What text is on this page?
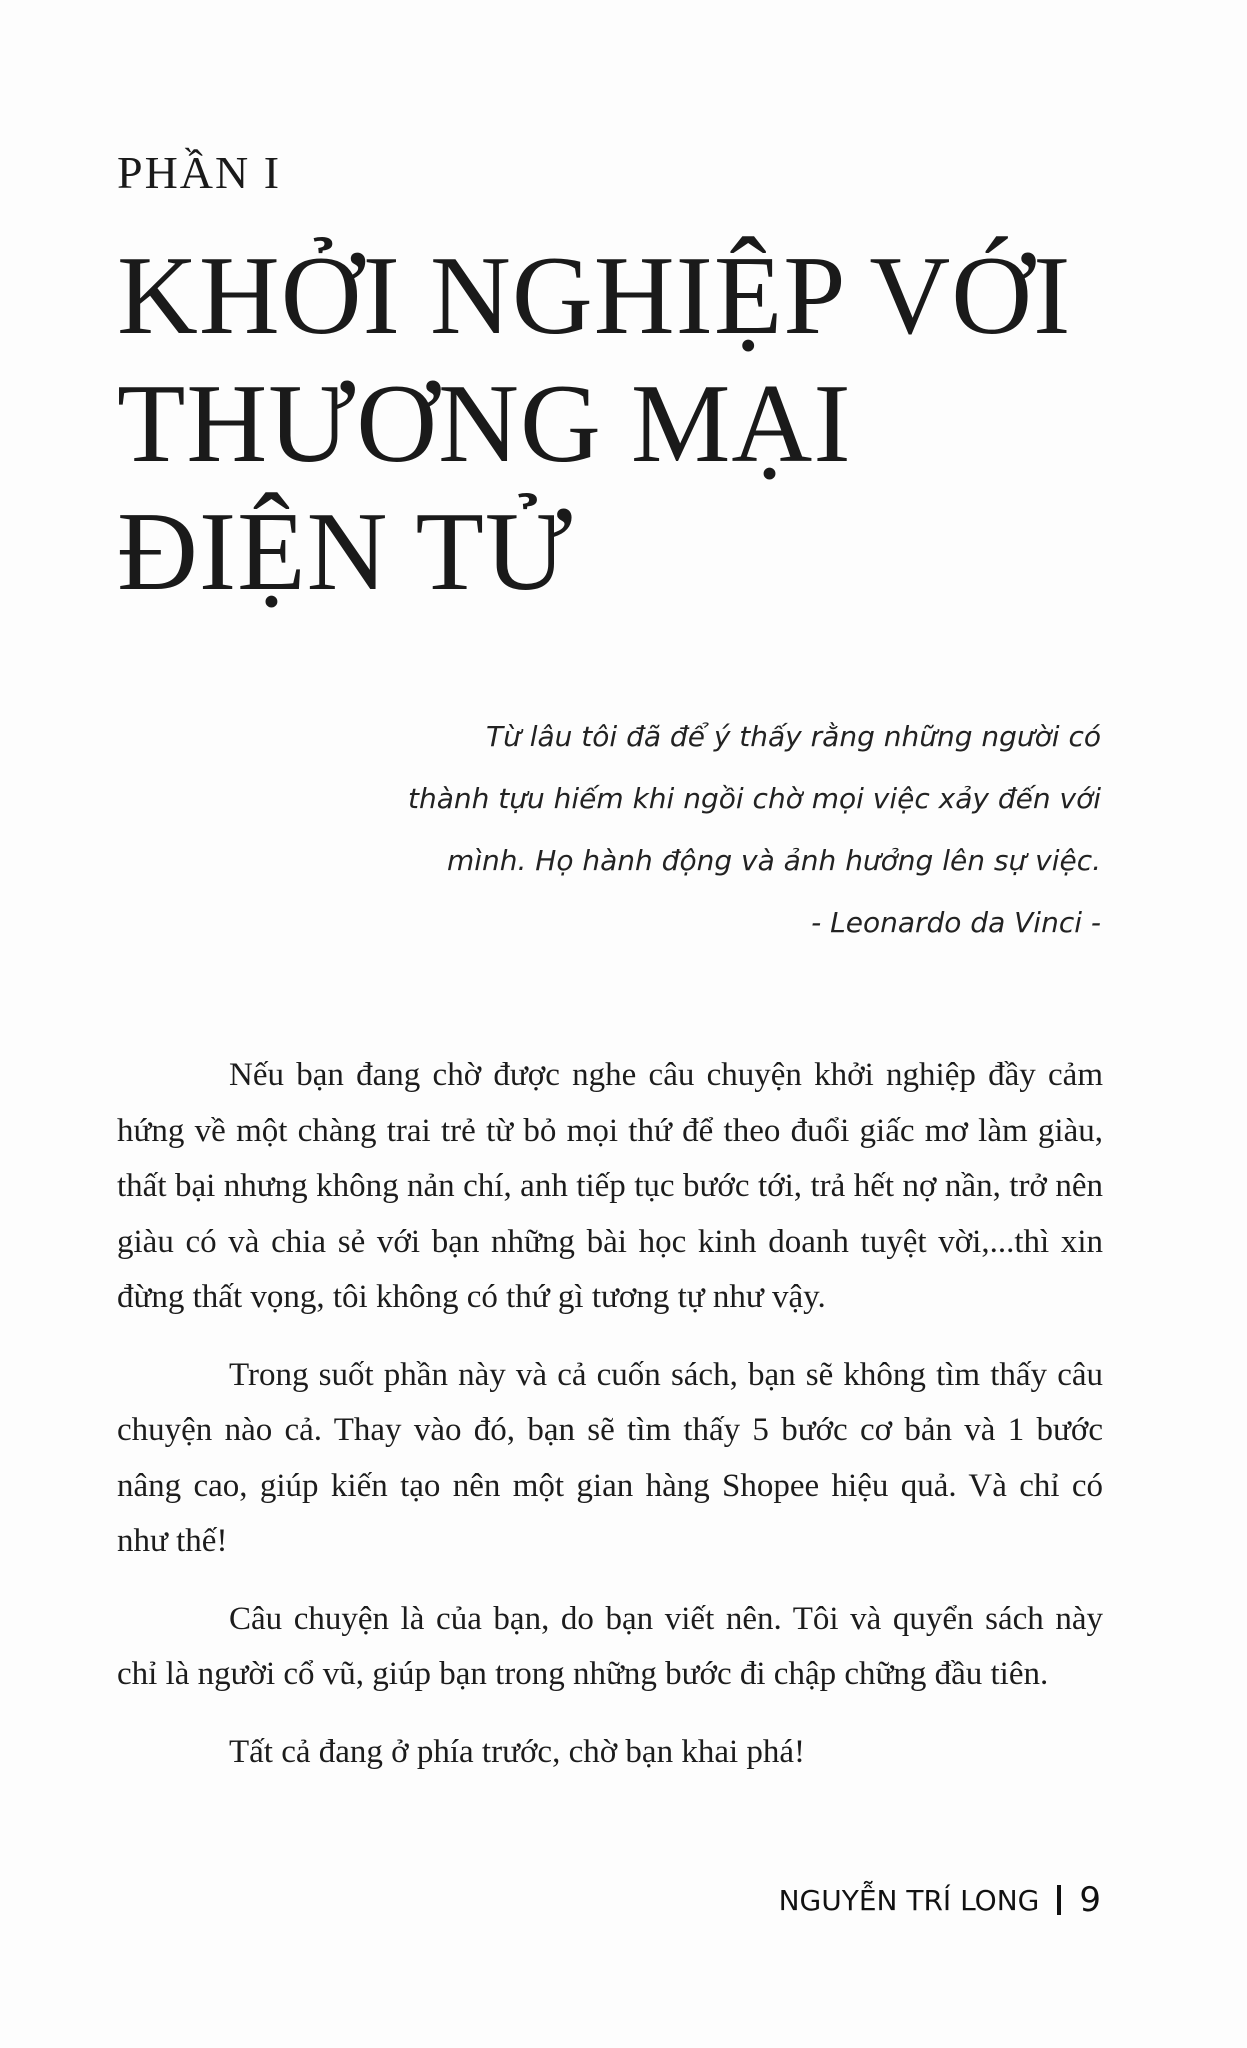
PHẦN I
KHỞI NGHIỆP VỚI
THƯƠNG MẠI
ĐIỆN TỬ
Từ lâu tôi đã để ý thấy rằng những người có
thành tựu hiếm khi ngồi chờ mọi việc xảy đến với
mình. Họ hành động và ảnh hưởng lên sự việc.
- Leonardo da Vinci -

Nếu bạn đang chờ được nghe câu chuyện khởi nghiệp đầy cảm hứng về một chàng trai trẻ từ bỏ mọi thứ để theo đuổi giấc mơ làm giàu, thất bại nhưng không nản chí, anh tiếp tục bước tới, trả hết nợ nần, trở nên giàu có và chia sẻ với bạn những bài học kinh doanh tuyệt vời,...thì xin đừng thất vọng, tôi không có thứ gì tương tự như vậy.

Trong suốt phần này và cả cuốn sách, bạn sẽ không tìm thấy câu chuyện nào cả. Thay vào đó, bạn sẽ tìm thấy 5 bước cơ bản và 1 bước nâng cao, giúp kiến tạo nên một gian hàng Shopee hiệu quả. Và chỉ có như thế!

Câu chuyện là của bạn, do bạn viết nên. Tôi và quyển sách này chỉ là người cổ vũ, giúp bạn trong những bước đi chập chững đầu tiên.

Tất cả đang ở phía trước, chờ bạn khai phá!

NGUYỄN TRÍ LONG 9
